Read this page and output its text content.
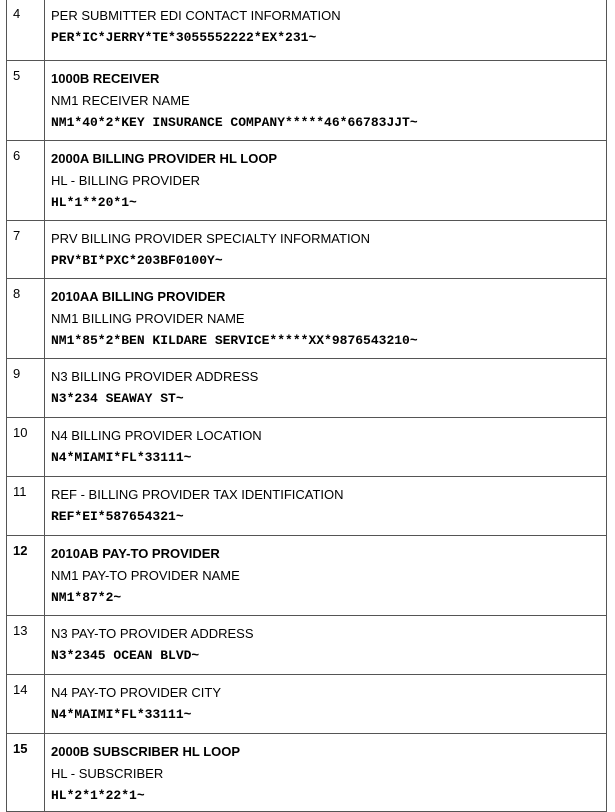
4	PER SUBMITTER EDI CONTACT INFORMATION
PER*IC*JERRY*TE*3055552222*EX*231~

5	1000B RECEIVER
NM1 RECEIVER NAME
NM1*40*2*KEY INSURANCE COMPANY*****46*66783JJT~

6	2000A BILLING PROVIDER HL LOOP
HL - BILLING PROVIDER
HL*1**20*1~

7	PRV BILLING PROVIDER SPECIALTY INFORMATION
PRV*BI*PXC*203BF0100Y~

8	2010AA BILLING PROVIDER
NM1 BILLING PROVIDER NAME
NM1*85*2*BEN KILDARE SERVICE*****XX*9876543210~

9	N3 BILLING PROVIDER ADDRESS
N3*234 SEAWAY ST~

10	N4 BILLING PROVIDER LOCATION
N4*MIAMI*FL*33111~

11	REF - BILLING PROVIDER TAX IDENTIFICATION
REF*EI*587654321~

12	2010AB PAY-TO PROVIDER
NM1 PAY-TO PROVIDER NAME
NM1*87*2~

13	N3 PAY-TO PROVIDER ADDRESS
N3*2345 OCEAN BLVD~

14	N4 PAY-TO PROVIDER CITY
N4*MAIMI*FL*33111~

15	2000B SUBSCRIBER HL LOOP
HL - SUBSCRIBER
HL*2*1*22*1~
